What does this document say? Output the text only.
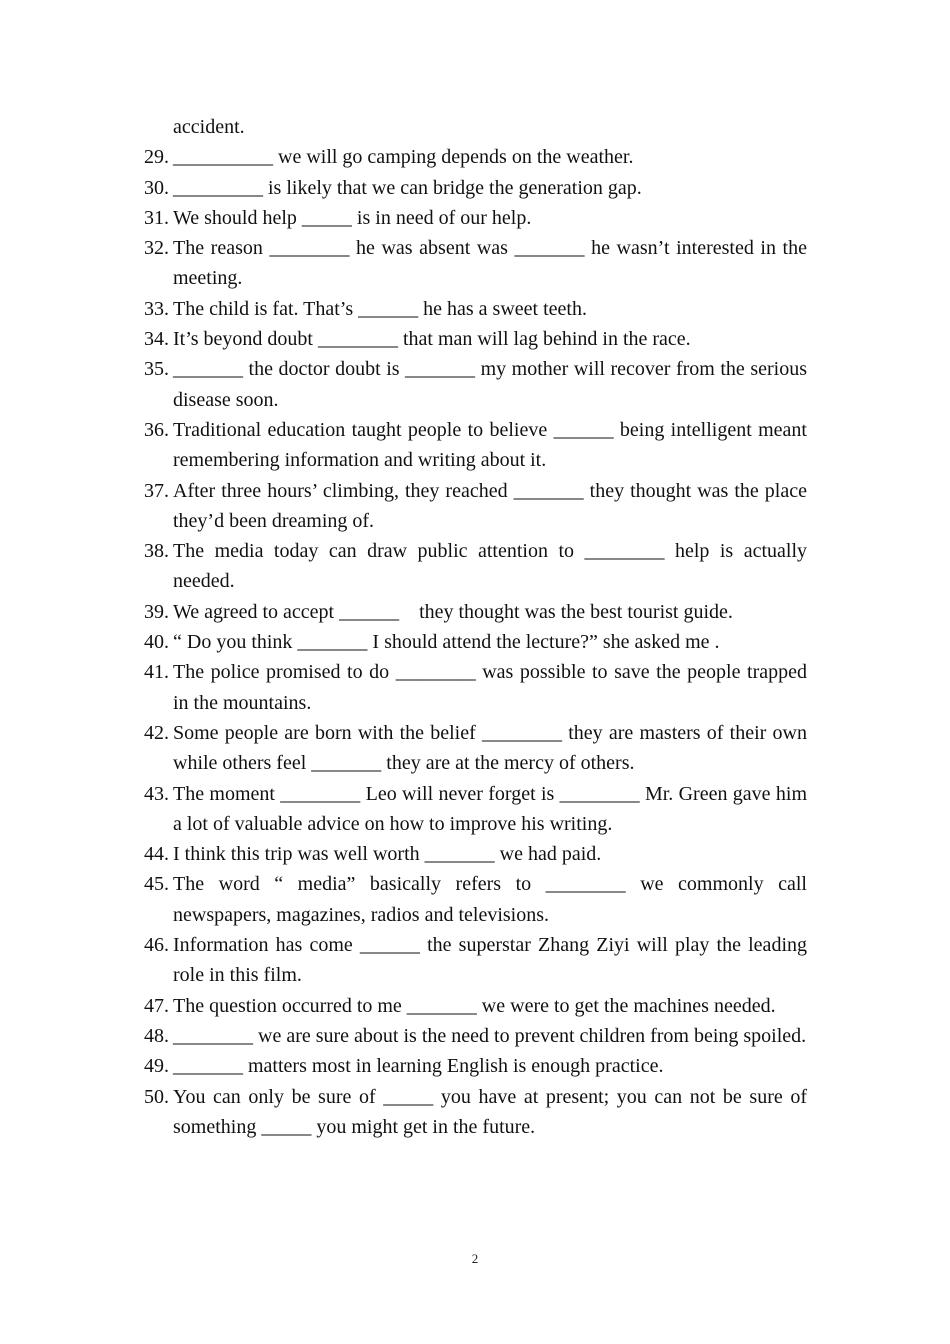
accident.
29. __________ we will go camping depends on the weather.
30. _________ is likely that we can bridge the generation gap.
31. We should help _____ is in need of our help.
32. The reason ________ he was absent was _______ he wasn’t interested in the meeting.
33. The child is fat. That’s ______ he has a sweet teeth.
34. It’s beyond doubt ________ that man will lag behind in the race.
35. _______ the doctor doubt is _______ my mother will recover from the serious disease soon.
36. Traditional education taught people to believe ______ being intelligent meant remembering information and writing about it.
37. After three hours’ climbing, they reached _______ they thought was the place they’d been dreaming of.
38. The media today can draw public attention to ________ help is actually needed.
39. We agreed to accept ______    they thought was the best tourist guide.
40. “ Do you think _______ I should attend the lecture?” she asked me .
41. The police promised to do ________ was possible to save the people trapped in the mountains.
42. Some people are born with the belief ________ they are masters of their own while others feel _______ they are at the mercy of others.
43. The moment ________ Leo will never forget is ________ Mr. Green gave him a lot of valuable advice on how to improve his writing.
44. I think this trip was well worth _______ we had paid.
45. The word “ media” basically refers to ________ we commonly call newspapers, magazines, radios and televisions.
46. Information has come ______ the superstar Zhang Ziyi will play the leading role in this film.
47. The question occurred to me _______ we were to get the machines needed.
48. ________ we are sure about is the need to prevent children from being spoiled.
49. _______ matters most in learning English is enough practice.
50. You can only be sure of _____ you have at present; you can not be sure of something _____ you might get in the future.
2
